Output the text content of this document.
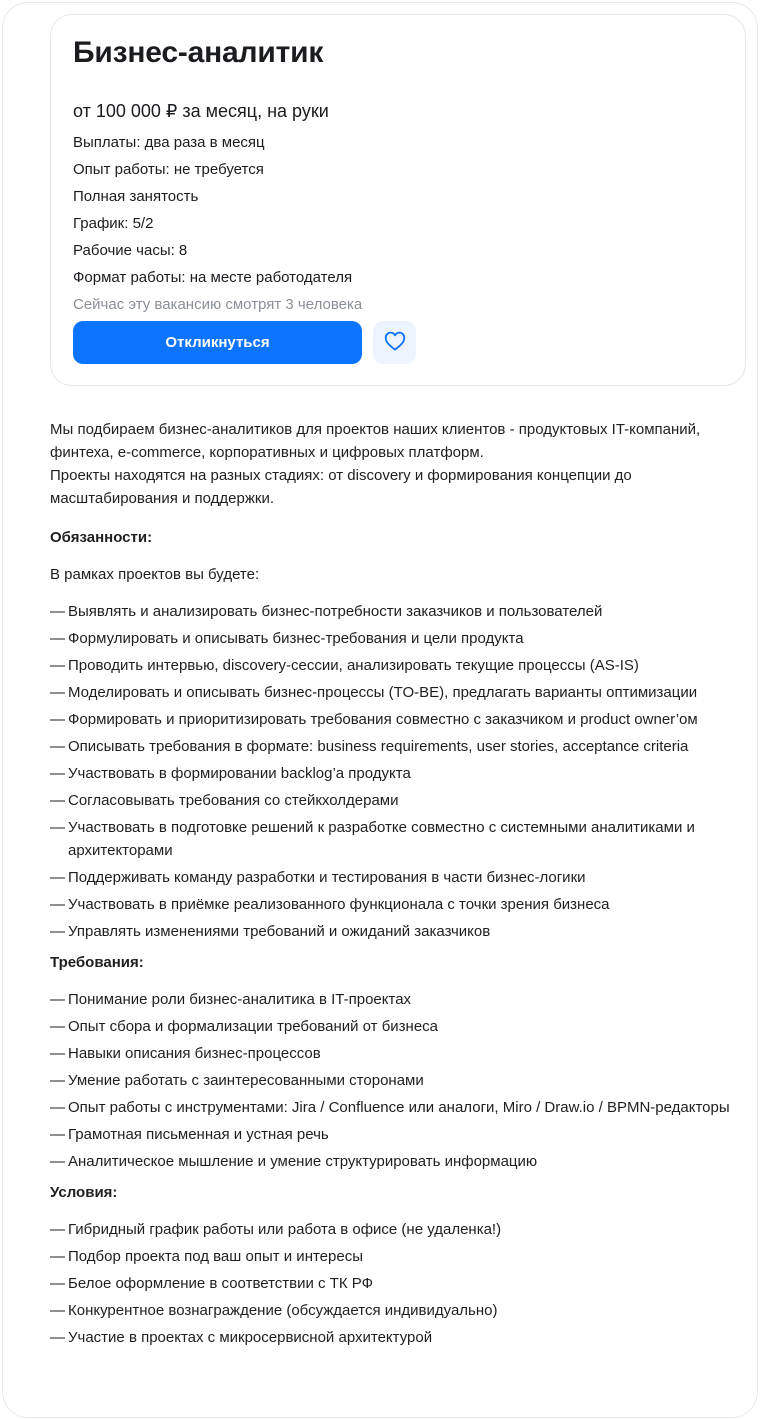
Бизнес-аналитик
от 100 000 ₽ за месяц, на руки
Выплаты: два раза в месяц
Опыт работы: не требуется
Полная занятость
График: 5/2
Рабочие часы: 8
Формат работы: на месте работодателя
Сейчас эту вакансию смотрят 3 человека
Откликнуться

Мы подбираем бизнес-аналитиков для проектов наших клиентов - продуктовых IT-компаний, финтеха, e-commerce, корпоративных и цифровых платформ.

Проекты находятся на разных стадиях: от discovery и формирования концепции до масштабирования и поддержки.

Обязанности:
В рамках проектов вы будете:
— Выявлять и анализировать бизнес-потребности заказчиков и пользователей
— Формулировать и описывать бизнес-требования и цели продукта
— Проводить интервью, discovery-сессии, анализировать текущие процессы (AS-IS)
— Моделировать и описывать бизнес-процессы (TO-BE), предлагать варианты оптимизации
— Формировать и приоритизировать требования совместно с заказчиком и product owner’ом
— Описывать требования в формате: business requirements, user stories, acceptance criteria
— Участвовать в формировании backlog’а продукта
— Согласовывать требования со стейкхолдерами
— Участвовать в подготовке решений к разработке совместно с системными аналитиками и архитекторами
— Поддерживать команду разработки и тестирования в части бизнес-логики
— Участвовать в приёмке реализованного функционала с точки зрения бизнеса
— Управлять изменениями требований и ожиданий заказчиков
Требования:
— Понимание роли бизнес-аналитика в IT-проектах
— Опыт сбора и формализации требований от бизнеса
— Навыки описания бизнес-процессов
— Умение работать с заинтересованными сторонами
— Опыт работы с инструментами: Jira / Confluence или аналоги, Miro / Draw.io / BPMN-редакторы
— Грамотная письменная и устная речь
— Аналитическое мышление и умение структурировать информацию
Условия:
— Гибридный график работы или работа в офисе (не удаленка!)
— Подбор проекта под ваш опыт и интересы
— Белое оформление в соответствии с ТК РФ
— Конкурентное вознаграждение (обсуждается индивидуально)
— Участие в проектах с микросервисной архитектурой
